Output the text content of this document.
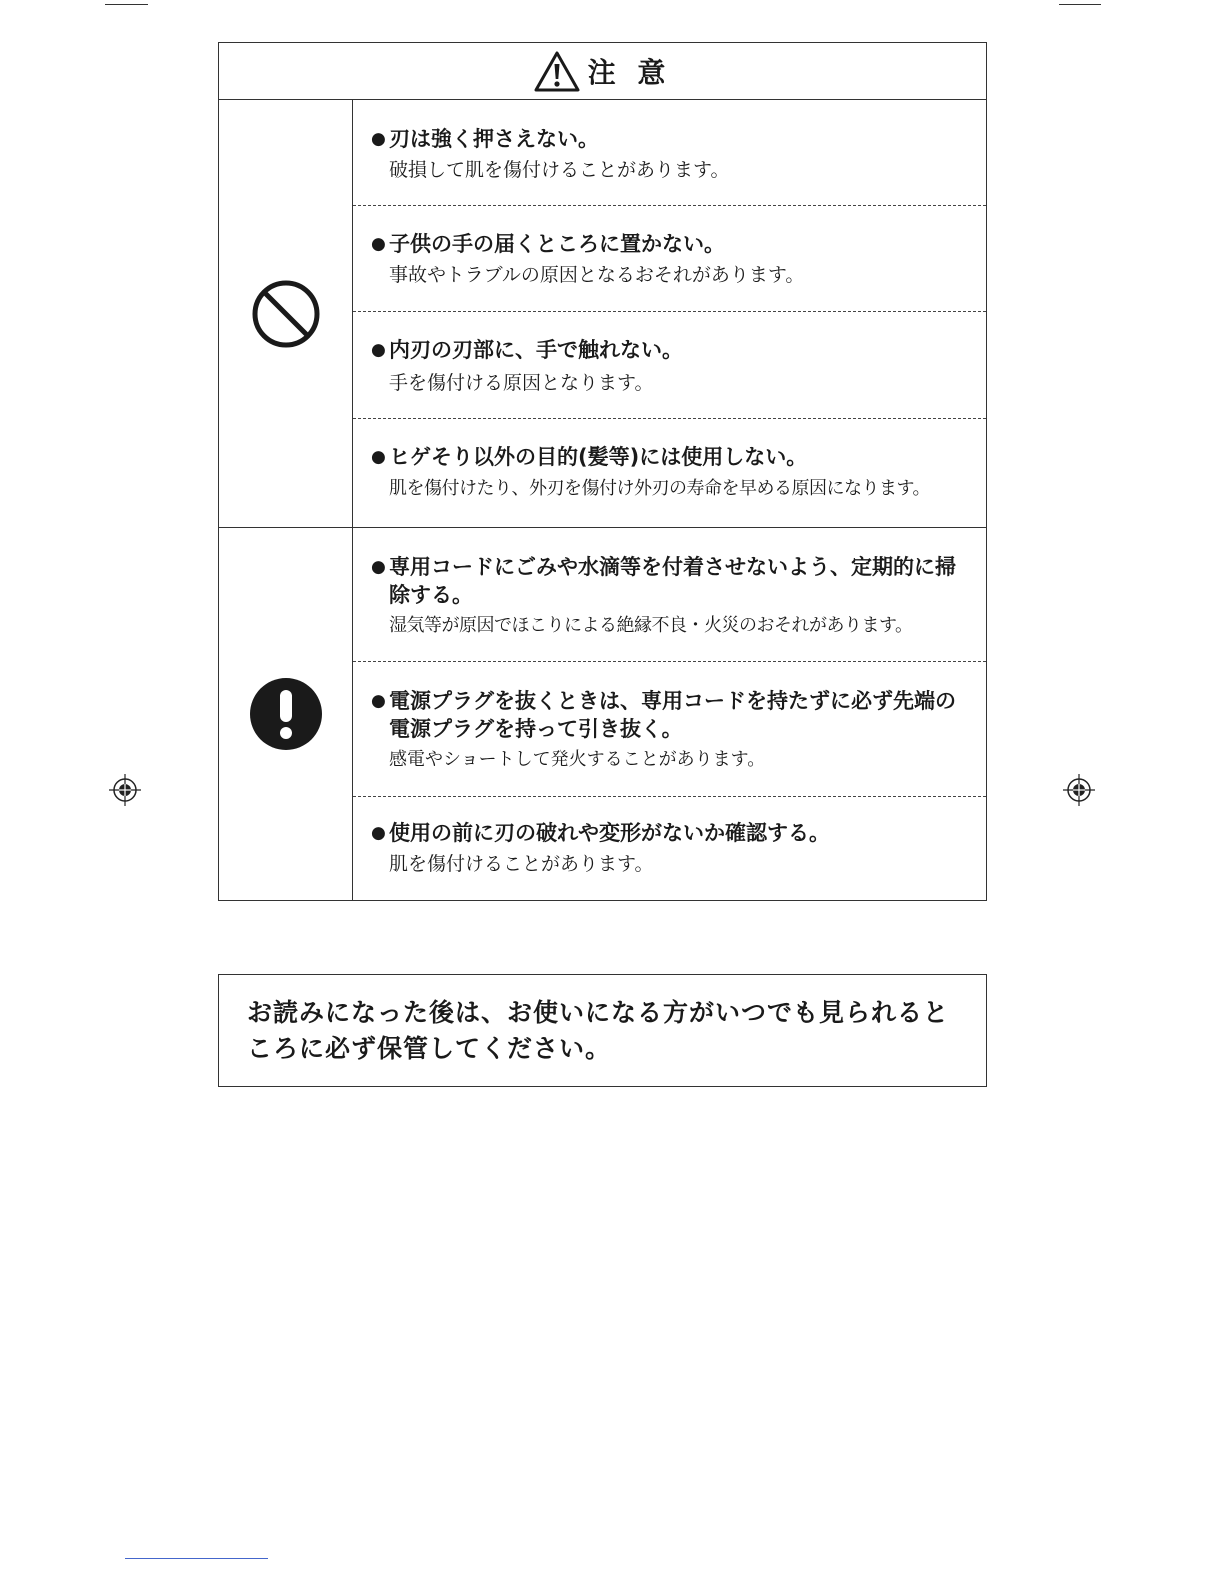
注 意
● 刃は強く押さえない。
破損して肌を傷付けることがあります。
● 子供の手の届くところに置かない。
事故やトラブルの原因となるおそれがあります。
● 内刃の刃部に、手で触れない。
手を傷付ける原因となります。
● ヒゲそり以外の目的(髪等)には使用しない。
肌を傷付けたり、外刃を傷付け外刃の寿命を早める原因になります。
● 専用コードにごみや水滴等を付着させないよう、定期的に掃除する。
湿気等が原因でほこりによる絶縁不良・火災のおそれがあります。
● 電源プラグを抜くときは、専用コードを持たずに必ず先端の電源プラグを持って引き抜く。
感電やショートして発火することがあります。
● 使用の前に刃の破れや変形がないか確認する。
肌を傷付けることがあります。
お読みになった後は、お使いになる方がいつでも見られるところに必ず保管してください。
